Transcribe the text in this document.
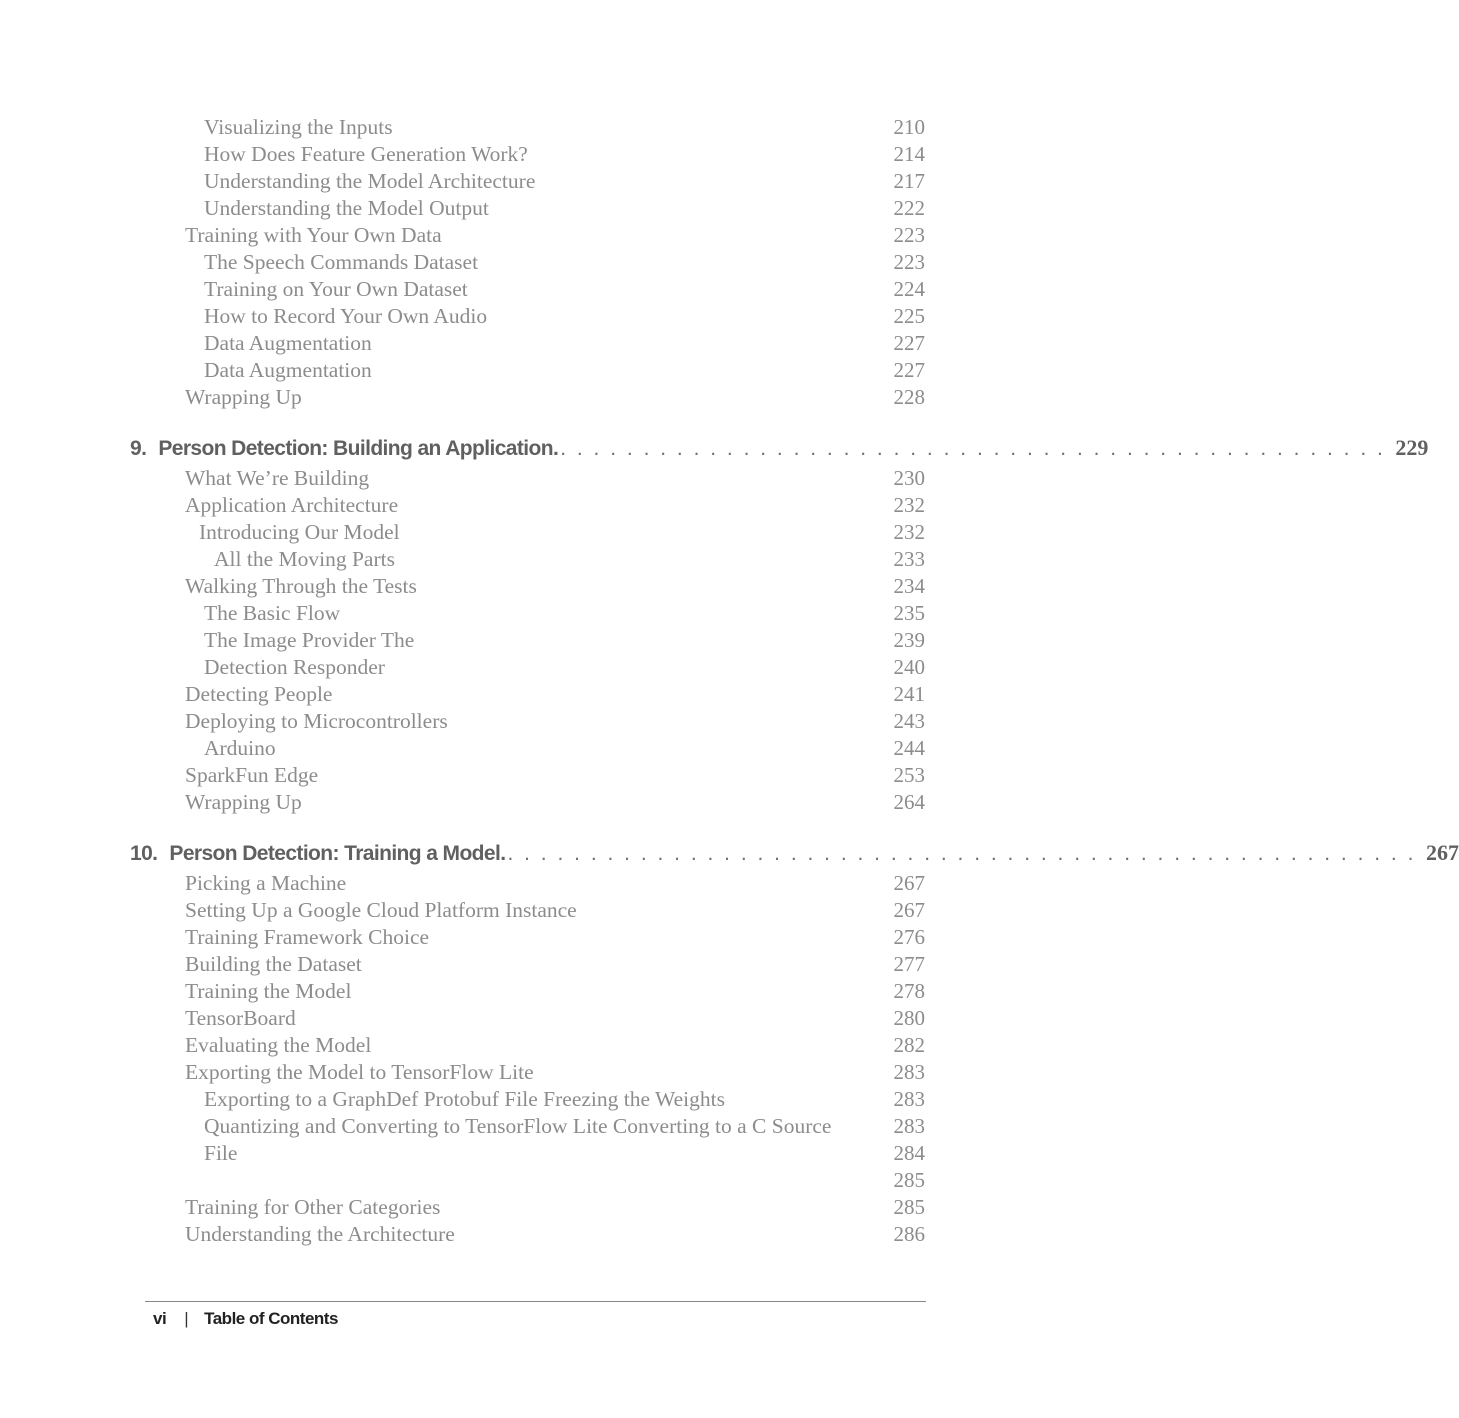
Visualizing the Inputs	210
How Does Feature Generation Work?	214
Understanding the Model Architecture	217
Understanding the Model Output	222
Training with Your Own Data	223
The Speech Commands Dataset	223
Training on Your Own Dataset	224
How to Record Your Own Audio	225
Data Augmentation	227
Data Augmentation	227
Wrapping Up	228
9. Person Detection: Building an Application. . . . . . . . . . . . . . . . . . . . . . . . . . . . . . . . . . . . . . . . . . . . . . . . . . . 229
What We’re Building	230
Application Architecture	232
Introducing Our Model	232
All the Moving Parts	233
Walking Through the Tests	234
The Basic Flow	235
The Image Provider The	239
Detection Responder	240
Detecting People	241
Deploying to Microcontrollers	243
Arduino	244
SparkFun Edge	253
Wrapping Up	264
10. Person Detection: Training a Model. . . . . . . . . . . . . . . . . . . . . . . . . . . . . . . . . . . . . . . . . . . . . . . . . . . . . . . . 267
Picking a Machine	267
Setting Up a Google Cloud Platform Instance	267
Training Framework Choice	276
Building the Dataset	277
Training the Model	278
TensorBoard	280
Evaluating the Model	282
Exporting the Model to TensorFlow Lite	283
Exporting to a GraphDef Protobuf File Freezing the Weights	283
Quantizing and Converting to TensorFlow Lite Converting to a C Source	283
File	284
285
Training for Other Categories	285
Understanding the Architecture	286
vi | Table of Contents
